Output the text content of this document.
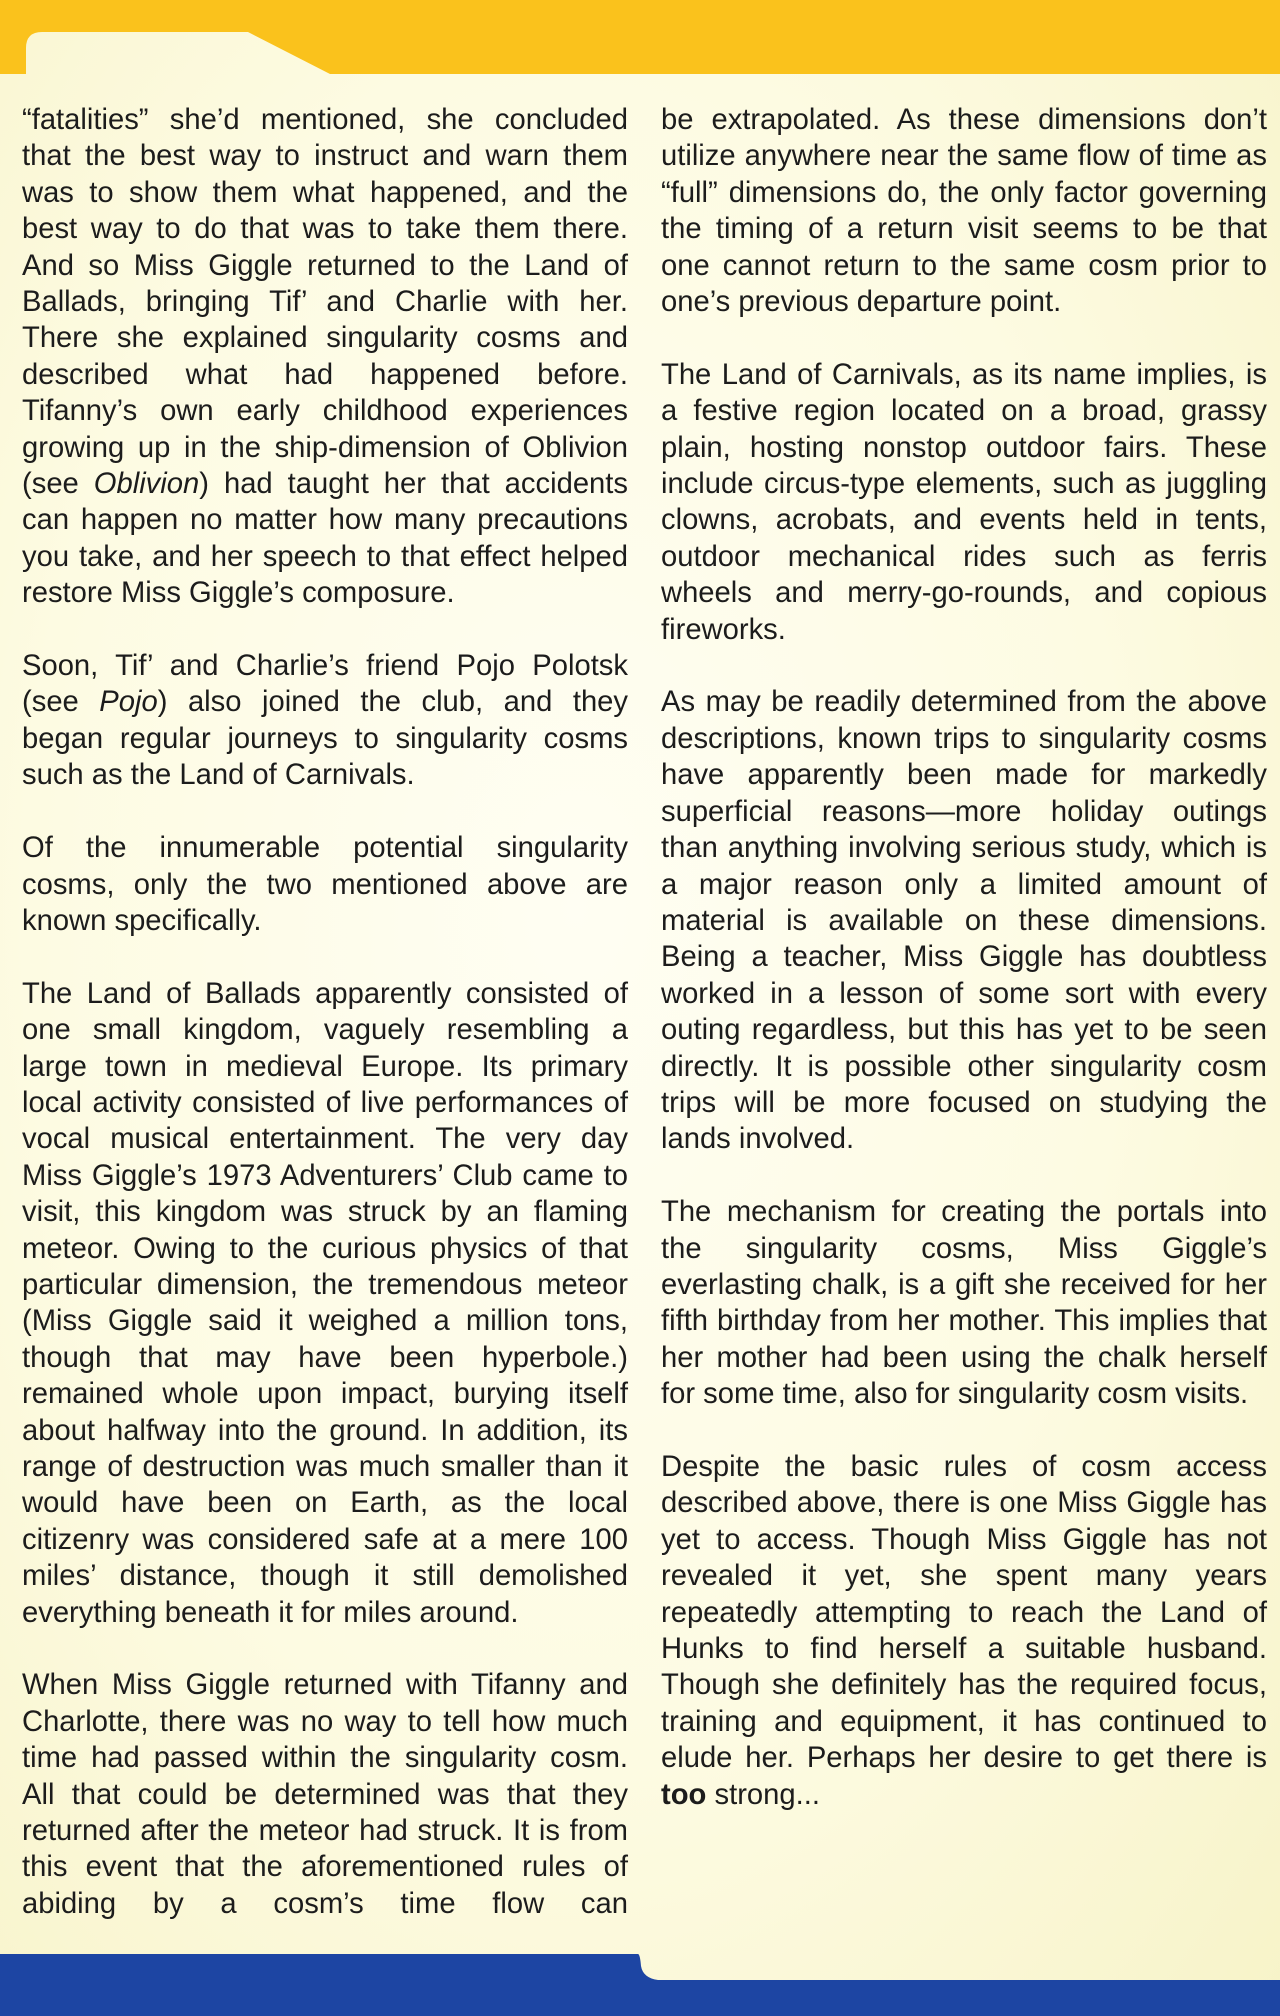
“fatalities” she’d mentioned, she concluded that the best way to instruct and warn them was to show them what happened, and the best way to do that was to take them there. And so Miss Giggle returned to the Land of Ballads, bringing Tif’ and Charlie with her. There she explained singularity cosms and described what had happened before. Tifanny’s own early childhood experiences growing up in the ship-dimension of Oblivion (see Oblivion) had taught her that accidents can happen no matter how many precautions you take, and her speech to that effect helped restore Miss Giggle’s composure.

Soon, Tif’ and Charlie’s friend Pojo Polotsk (see Pojo) also joined the club, and they began regular journeys to singularity cosms such as the Land of Carnivals.

Of the innumerable potential singularity cosms, only the two mentioned above are known specifically.

The Land of Ballads apparently consisted of one small kingdom, vaguely resembling a large town in medieval Europe. Its primary local activity consisted of live performances of vocal musical entertainment. The very day Miss Giggle’s 1973 Adventurers’ Club came to visit, this kingdom was struck by an flaming meteor. Owing to the curious physics of that particular dimension, the tremendous meteor (Miss Giggle said it weighed a million tons, though that may have been hyperbole.) remained whole upon impact, burying itself about halfway into the ground. In addition, its range of destruction was much smaller than it would have been on Earth, as the local citizenry was considered safe at a mere 100 miles’ distance, though it still demolished everything beneath it for miles around.

When Miss Giggle returned with Tifanny and Charlotte, there was no way to tell how much time had passed within the singularity cosm. All that could be determined was that they returned after the meteor had struck. It is from this event that the aforementioned rules of abiding by a cosm’s time flow can

be extrapolated. As these dimensions don’t utilize anywhere near the same flow of time as “full” dimensions do, the only factor governing the timing of a return visit seems to be that one cannot return to the same cosm prior to one’s previous departure point.

The Land of Carnivals, as its name implies, is a festive region located on a broad, grassy plain, hosting nonstop outdoor fairs. These include circus-type elements, such as juggling clowns, acrobats, and events held in tents, outdoor mechanical rides such as ferris wheels and merry-go-rounds, and copious fireworks.

As may be readily determined from the above descriptions, known trips to singularity cosms have apparently been made for markedly superficial reasons—more holiday outings than anything involving serious study, which is a major reason only a limited amount of material is available on these dimensions. Being a teacher, Miss Giggle has doubtless worked in a lesson of some sort with every outing regardless, but this has yet to be seen directly. It is possible other singularity cosm trips will be more focused on studying the lands involved.

The mechanism for creating the portals into the singularity cosms, Miss Giggle’s everlasting chalk, is a gift she received for her fifth birthday from her mother. This implies that her mother had been using the chalk herself for some time, also for singularity cosm visits.

Despite the basic rules of cosm access described above, there is one Miss Giggle has yet to access. Though Miss Giggle has not revealed it yet, she spent many years repeatedly attempting to reach the Land of Hunks to find herself a suitable husband. Though she definitely has the required focus, training and equipment, it has continued to elude her. Perhaps her desire to get there is too strong...
